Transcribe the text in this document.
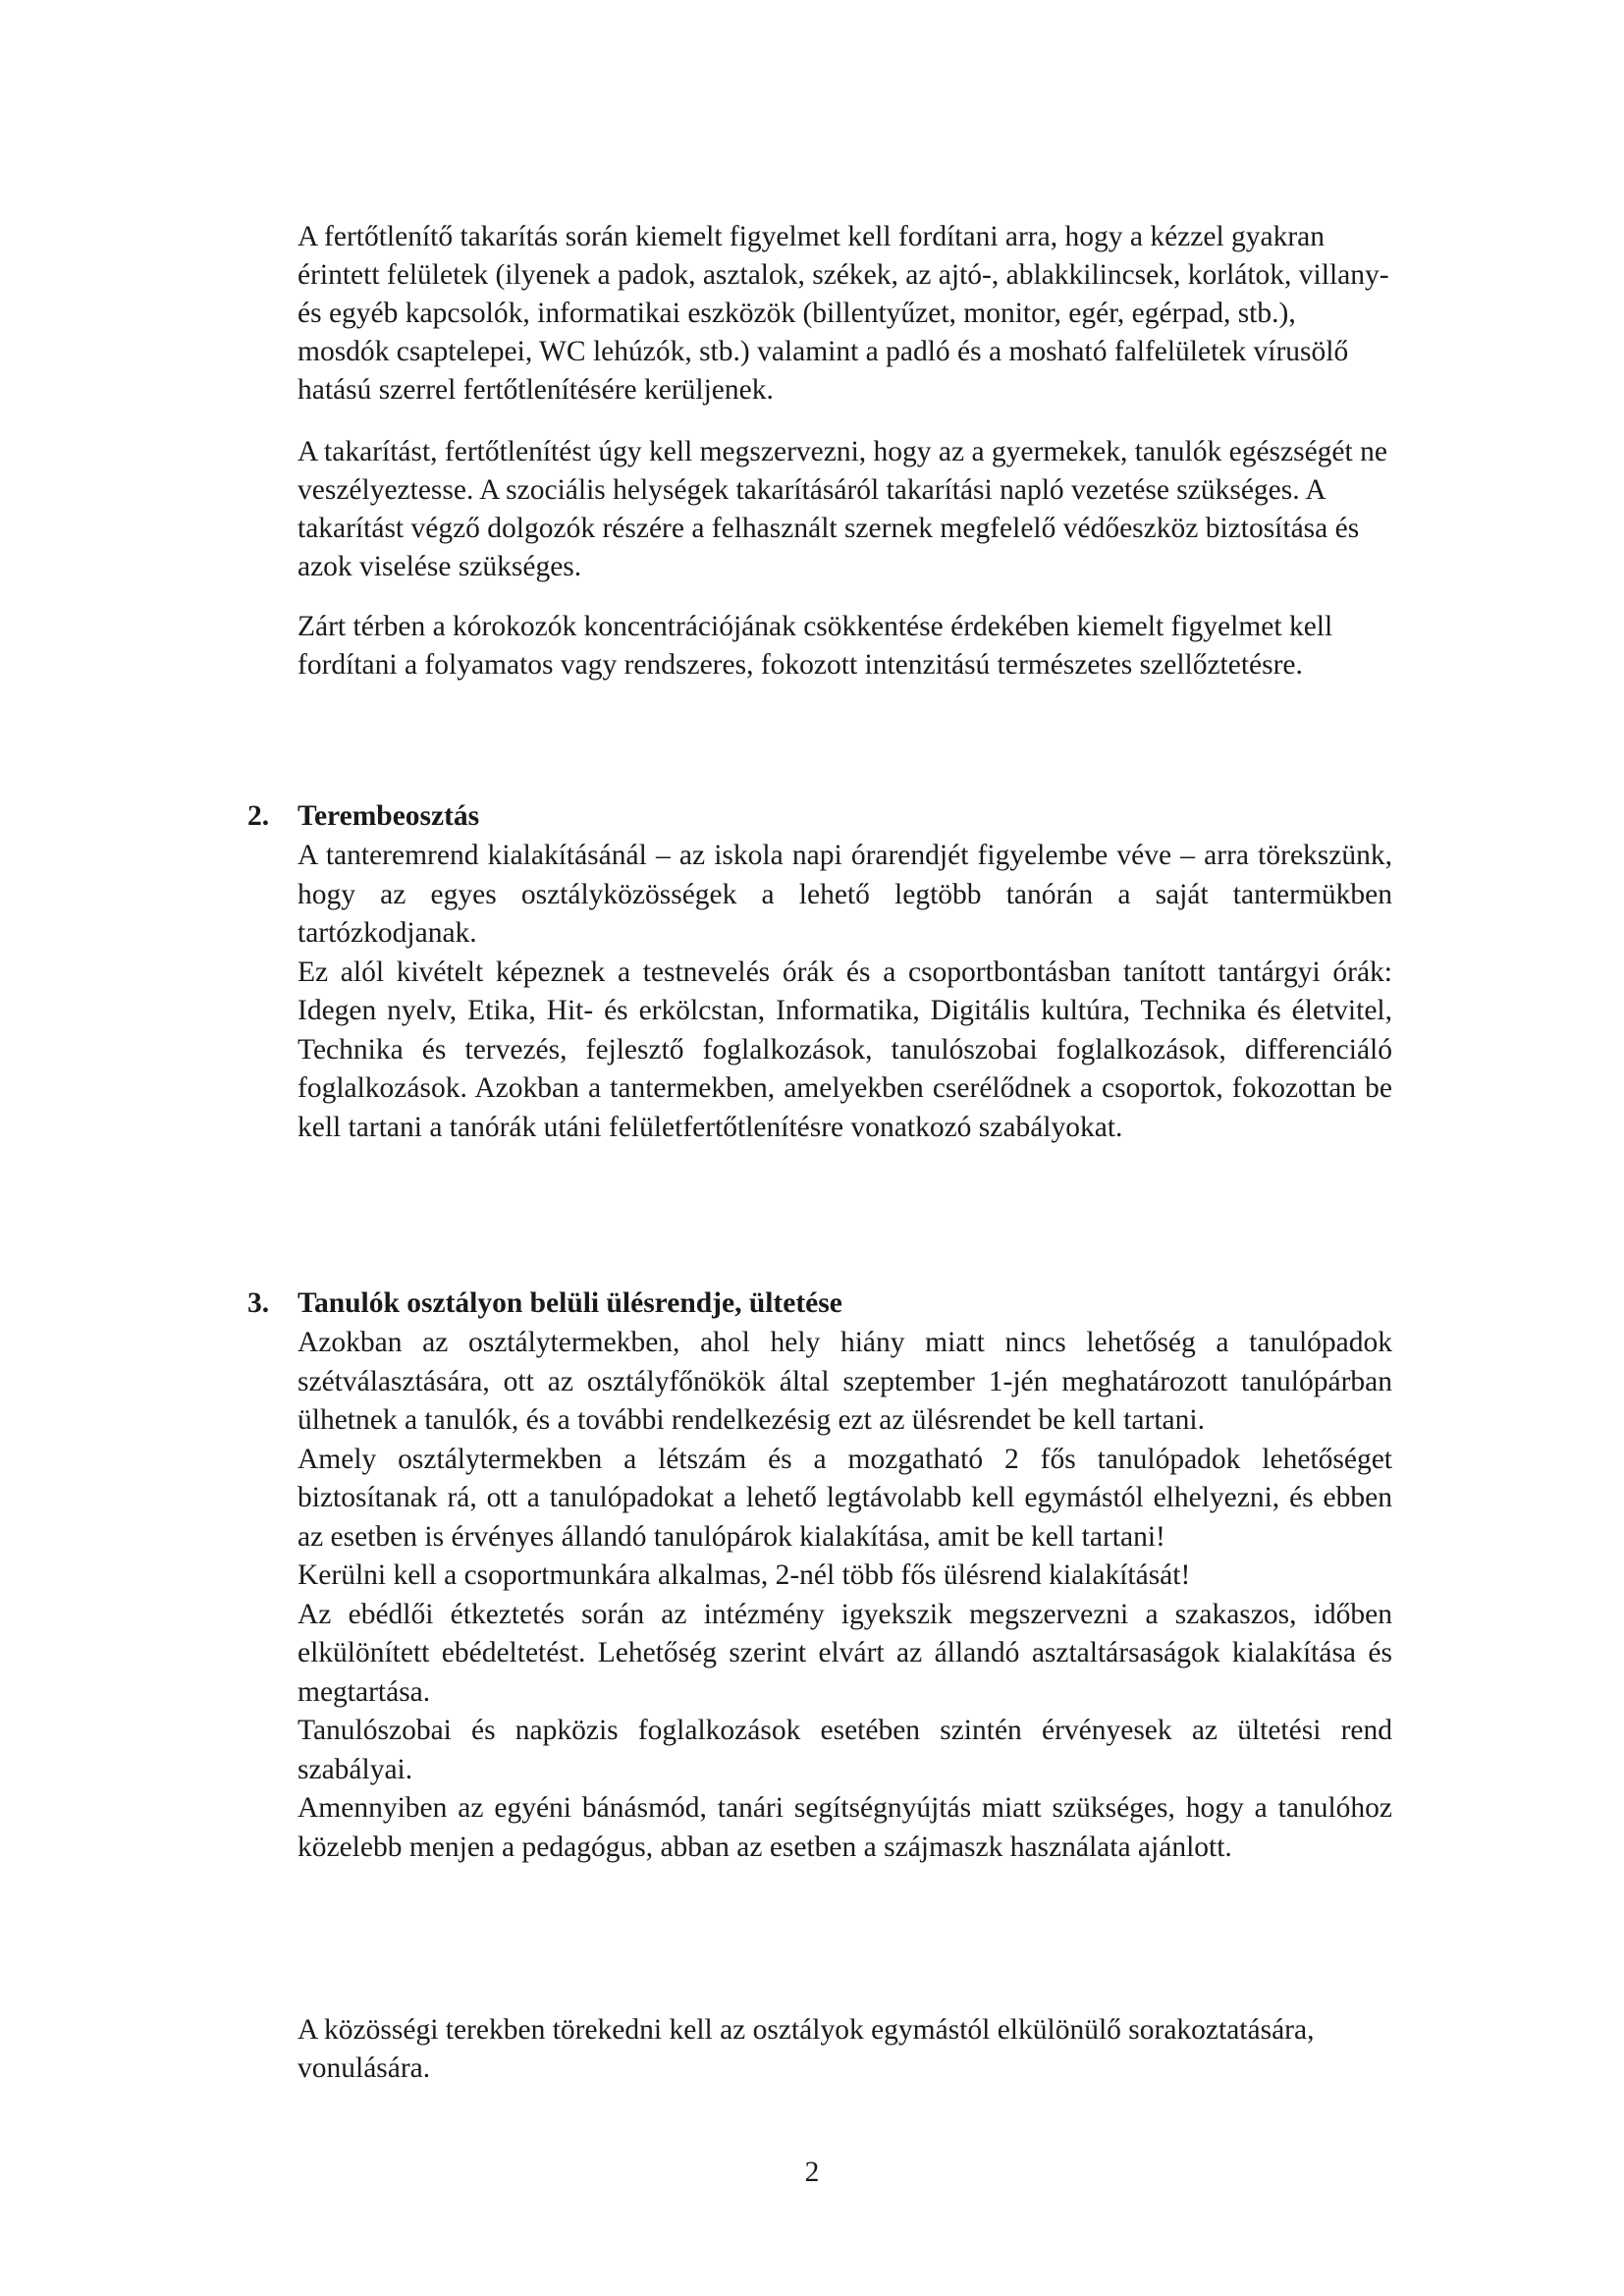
A fertőtlenítő takarítás során kiemelt figyelmet kell fordítani arra, hogy a kézzel gyakran érintett felületek (ilyenek a padok, asztalok, székek, az ajtó-, ablakkilincsek, korlátok, villany- és egyéb kapcsolók, informatikai eszközök (billentyűzet, monitor, egér, egérpad, stb.), mosdók csaptelepei, WC lehúzók, stb.) valamint a padló és a mosható falfelületek vírusölő hatású szerrel fertőtlenítésére kerüljenek.

A takarítást, fertőtlenítést úgy kell megszervezni, hogy az a gyermekek, tanulók egészségét ne veszélyeztesse. A szociális helységek takarításáról takarítási napló vezetése szükséges. A takarítást végző dolgozók részére a felhasznált szernek megfelelő védőeszköz biztosítása és azok viselése szükséges.

Zárt térben a kórokozók koncentrációjának csökkentése érdekében kiemelt figyelmet kell fordítani a folyamatos vagy rendszeres, fokozott intenzitású természetes szellőztetésre.

2. Terembeosztás

A tanteremrend kialakításánál – az iskola napi órarendjét figyelembe véve – arra törekszünk, hogy az egyes osztályközösségek a lehető legtöbb tanórán a saját tantermükben tartózkodjanak.

Ez alól kivételt képeznek a testnevelés órák és a csoportbontásban tanított tantárgyi órák: Idegen nyelv, Etika, Hit- és erkölcstan, Informatika, Digitális kultúra, Technika és életvitel, Technika és tervezés, fejlesztő foglalkozások, tanulószobai foglalkozások, differenciáló foglalkozások. Azokban a tantermekben, amelyekben cserélődnek a csoportok, fokozottan be kell tartani a tanórák utáni felületfertőtlenítésre vonatkozó szabályokat.

3. Tanulók osztályon belüli ülésrendje, ültetése

Azokban az osztálytermekben, ahol hely hiány miatt nincs lehetőség a tanulópadok szétválasztására, ott az osztályfőnökök által szeptember 1-jén meghatározott tanulópárban ülhetnek a tanulók, és a további rendelkezésig ezt az ülésrendet be kell tartani.

Amely osztálytermekben a létszám és a mozgatható 2 fős tanulópadok lehetőséget biztosítanak rá, ott a tanulópadokat a lehető legtávolabb kell egymástól elhelyezni, és ebben az esetben is érvényes állandó tanulópárok kialakítása, amit be kell tartani!

Kerülni kell a csoportmunkára alkalmas, 2-nél több fős ülésrend kialakítását!

Az ebédlői étkeztetés során az intézmény igyekszik megszervezni a szakaszos, időben elkülönített ebédeltetést. Lehetőség szerint elvárt az állandó asztaltársaságok kialakítása és megtartása.

Tanulószobai és napközis foglalkozások esetében szintén érvényesek az ültetési rend szabályai.

Amennyiben az egyéni bánásmód, tanári segítségnyújtás miatt szükséges, hogy a tanulóhoz közelebb menjen a pedagógus, abban az esetben a szájmaszk használata ajánlott.

A közösségi terekben törekedni kell az osztályok egymástól elkülönülő sorakoztatására, vonulására.

2
